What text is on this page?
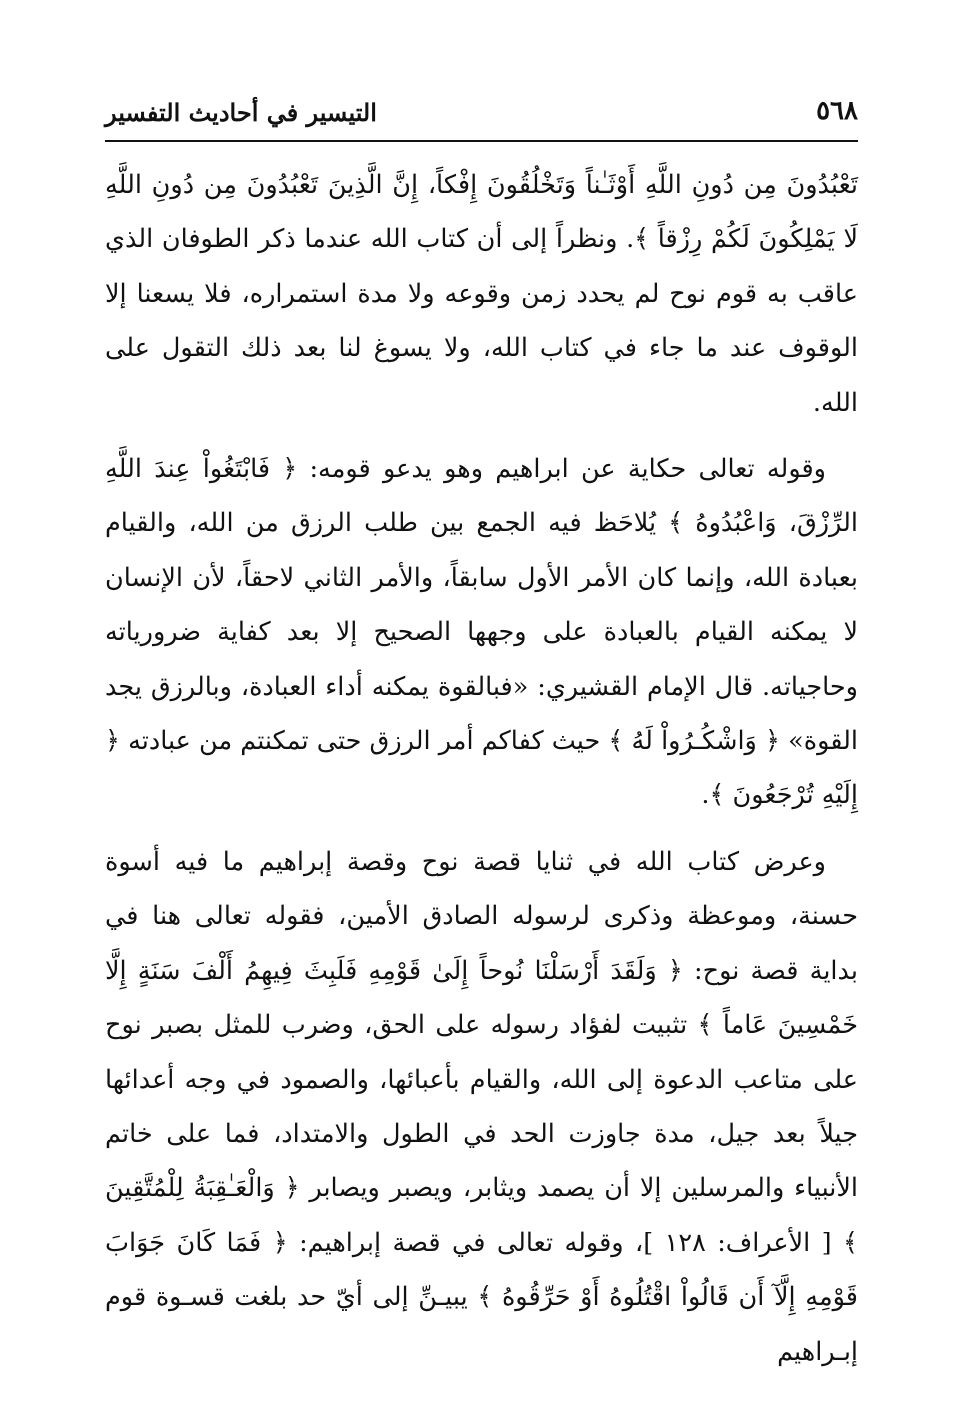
٥٦٨
التيسير في أحاديث التفسير

تَعْبُدُونَ مِن دُونِ اللَّهِ أَوْثَـٰناً وَتَخْلُقُونَ إِفْكاً، إِنَّ الَّذِينَ تَعْبُدُونَ مِن دُونِ اللَّهِ لَا يَمْلِكُونَ لَكُمْ رِزْقاً ﴾. ونظراً إلى أن كتاب الله عندما ذكر الطوفان الذي عاقب به قوم نوح لم يحدد زمن وقوعه ولا مدة استمراره، فلا يسعنا إلا الوقوف عند ما جاء في كتاب الله، ولا يسوغ لنا بعد ذلك التقول على الله.

وقوله تعالى حكاية عن ابراهيم وهو يدعو قومه: ﴿ فَابْتَغُواْ عِندَ اللَّهِ الرِّزْقَ، وَاعْبُدُوهُ ﴾ يُلاحَظ فيه الجمع بين طلب الرزق من الله، والقيام بعبادة الله، وإنما كان الأمر الأول سابقاً، والأمر الثاني لاحقاً، لأن الإنسان لا يمكنه القيام بالعبادة على وجهها الصحيح إلا بعد كفاية ضرورياته وحاجياته. قال الإمام القشيري: «فبالقوة يمكنه أداء العبادة، وبالرزق يجد القوة» ﴿ وَاشْكُـرُواْ لَهُ ﴾ حيث كفاكم أمر الرزق حتى تمكنتم من عبادته ﴿ إِلَيْهِ تُرْجَعُونَ ﴾.

وعرض كتاب الله في ثنايا قصة نوح وقصة إبراهيم ما فيه أسوة حسنة، وموعظة وذكرى لرسوله الصادق الأمين، فقوله تعالى هنا في بداية قصة نوح: ﴿ وَلَقَدَ أَرْسَلْنَا نُوحاً إِلَىٰ قَوْمِهِ فَلَبِثَ فِيهِمُ أَلْفَ سَنَةٍ إِلَّا خَمْسِينَ عَاماً ﴾ تثبيت لفؤاد رسوله على الحق، وضرب للمثل بصبر نوح على متاعب الدعوة إلى الله، والقيام بأعبائها، والصمود في وجه أعدائها جيلاً بعد جيل، مدة جاوزت الحد في الطول والامتداد، فما على خاتم الأنبياء والمرسلين إلا أن يصمد ويثابر، ويصبر ويصابر ﴿ وَالْعَـٰقِبَةُ لِلْمُتَّقِينَ ﴾ [ الأعراف: ١٢٨ ]، وقوله تعالى في قصة إبراهيم: ﴿ فَمَا كَانَ جَوَابَ قَوْمِهِ إِلَّآ أَن قَالُواْ اقْتُلُوهُ أَوْ حَرِّقُوهُ ﴾ يبيـنِّ إلى أيّ حد بلغت قسـوة قوم إبـراهيم
